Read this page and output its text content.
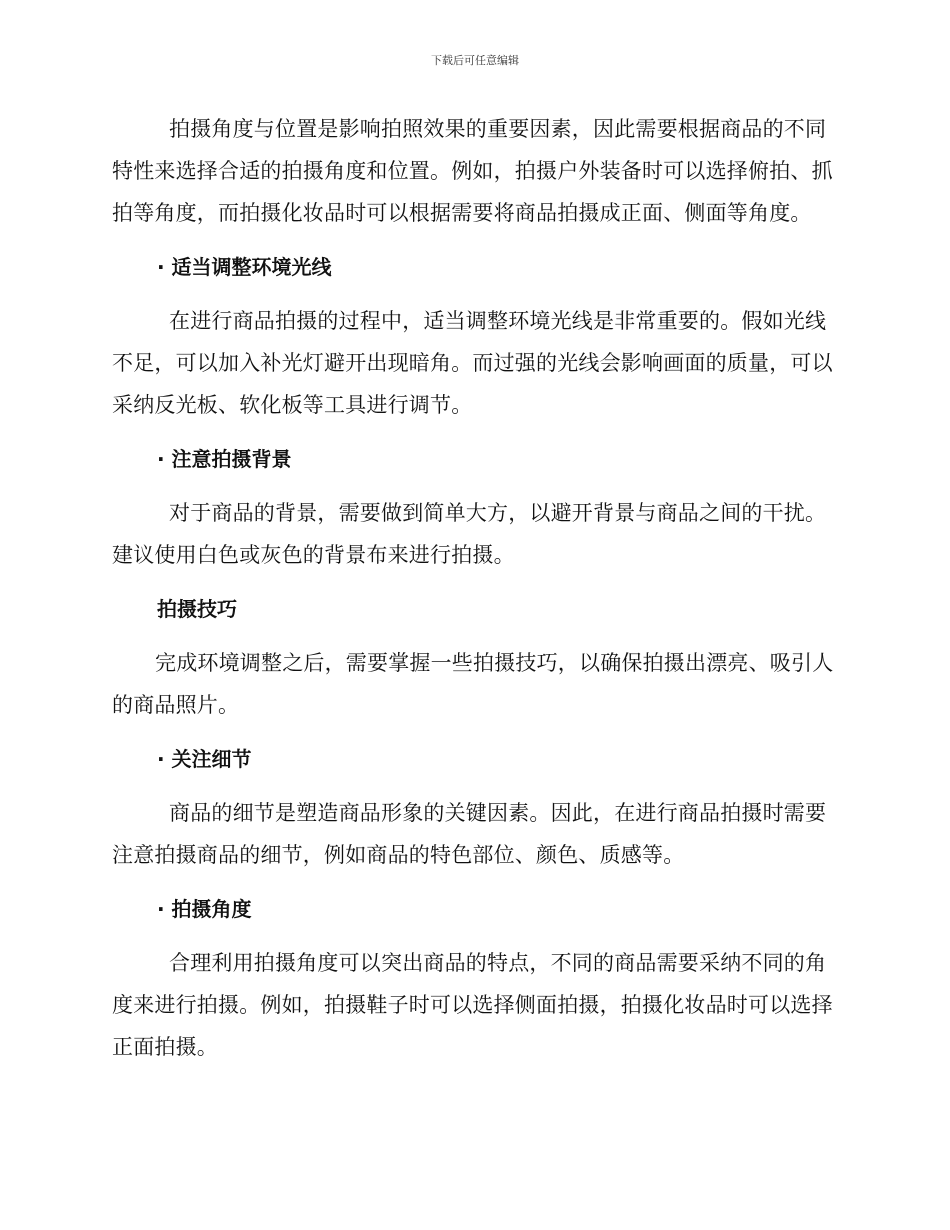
下载后可任意编辑

拍摄角度与位置是影响拍照效果的重要因素，因此需要根据商品的不同特性来选择合适的拍摄角度和位置。例如，拍摄户外装备时可以选择俯拍、抓拍等角度，而拍摄化妆品时可以根据需要将商品拍摄成正面、侧面等角度。

· 适当调整环境光线

在进行商品拍摄的过程中，适当调整环境光线是非常重要的。假如光线不足，可以加入补光灯避开出现暗角。而过强的光线会影响画面的质量，可以采纳反光板、软化板等工具进行调节。

· 注意拍摄背景

对于商品的背景，需要做到简单大方，以避开背景与商品之间的干扰。建议使用白色或灰色的背景布来进行拍摄。

拍摄技巧

完成环境调整之后，需要掌握一些拍摄技巧，以确保拍摄出漂亮、吸引人的商品照片。

· 关注细节

商品的细节是塑造商品形象的关键因素。因此，在进行商品拍摄时需要注意拍摄商品的细节，例如商品的特色部位、颜色、质感等。

· 拍摄角度

合理利用拍摄角度可以突出商品的特点，不同的商品需要采纳不同的角度来进行拍摄。例如，拍摄鞋子时可以选择侧面拍摄，拍摄化妆品时可以选择正面拍摄。
